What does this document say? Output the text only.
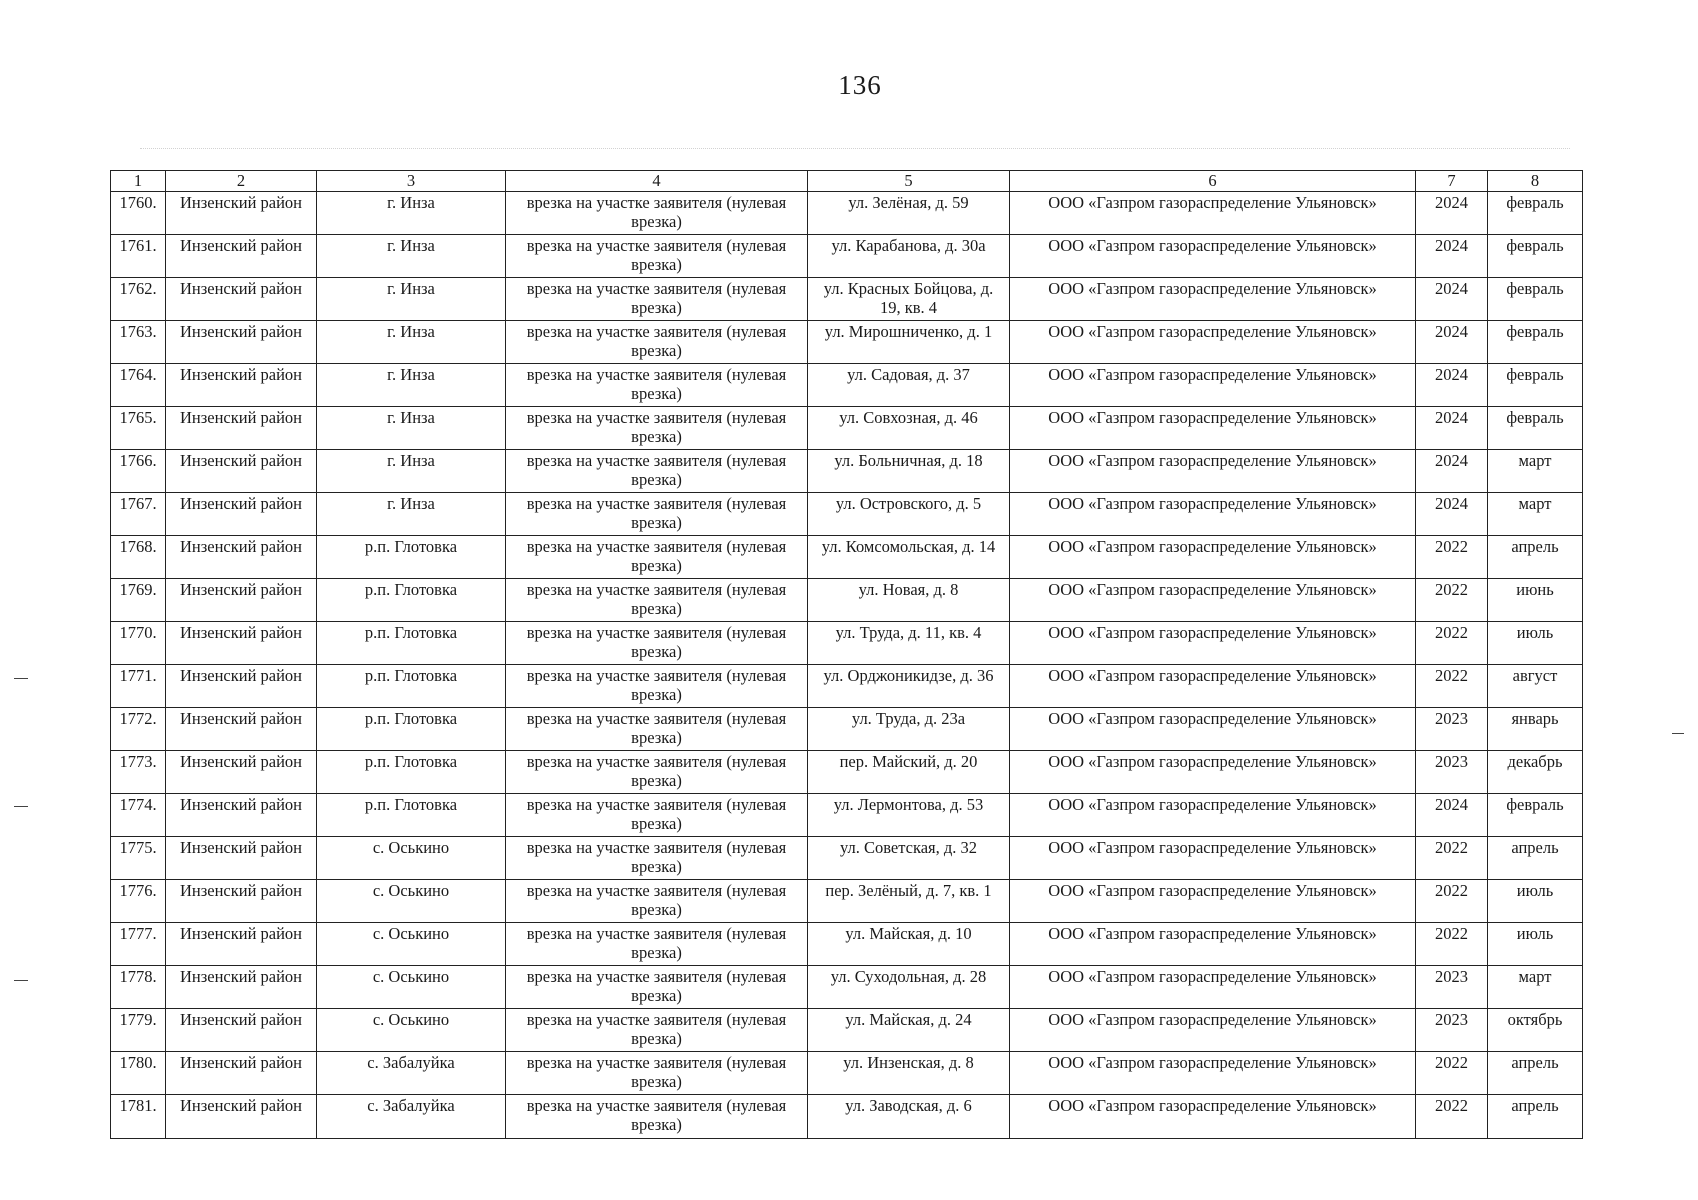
136
1	2	3	4	5	6	7	8
1760.	Инзенский район	г. Инза	врезка на участке заявителя (нулевая врезка)	ул. Зелёная, д. 59	ООО «Газпром газораспределение Ульяновск»	2024	февраль
1761.	Инзенский район	г. Инза	врезка на участке заявителя (нулевая врезка)	ул. Карабанова, д. 30а	ООО «Газпром газораспределение Ульяновск»	2024	февраль
1762.	Инзенский район	г. Инза	врезка на участке заявителя (нулевая врезка)	ул. Красных Бойцова, д. 19, кв. 4	ООО «Газпром газораспределение Ульяновск»	2024	февраль
1763.	Инзенский район	г. Инза	врезка на участке заявителя (нулевая врезка)	ул. Мирошниченко, д. 1	ООО «Газпром газораспределение Ульяновск»	2024	февраль
1764.	Инзенский район	г. Инза	врезка на участке заявителя (нулевая врезка)	ул. Садовая, д. 37	ООО «Газпром газораспределение Ульяновск»	2024	февраль
1765.	Инзенский район	г. Инза	врезка на участке заявителя (нулевая врезка)	ул. Совхозная, д. 46	ООО «Газпром газораспределение Ульяновск»	2024	февраль
1766.	Инзенский район	г. Инза	врезка на участке заявителя (нулевая врезка)	ул. Больничная, д. 18	ООО «Газпром газораспределение Ульяновск»	2024	март
1767.	Инзенский район	г. Инза	врезка на участке заявителя (нулевая врезка)	ул. Островского, д. 5	ООО «Газпром газораспределение Ульяновск»	2024	март
1768.	Инзенский район	р.п. Глотовка	врезка на участке заявителя (нулевая врезка)	ул. Комсомольская, д. 14	ООО «Газпром газораспределение Ульяновск»	2022	апрель
1769.	Инзенский район	р.п. Глотовка	врезка на участке заявителя (нулевая врезка)	ул. Новая, д. 8	ООО «Газпром газораспределение Ульяновск»	2022	июнь
1770.	Инзенский район	р.п. Глотовка	врезка на участке заявителя (нулевая врезка)	ул. Труда, д. 11, кв. 4	ООО «Газпром газораспределение Ульяновск»	2022	июль
1771.	Инзенский район	р.п. Глотовка	врезка на участке заявителя (нулевая врезка)	ул. Орджоникидзе, д. 36	ООО «Газпром газораспределение Ульяновск»	2022	август
1772.	Инзенский район	р.п. Глотовка	врезка на участке заявителя (нулевая врезка)	ул. Труда, д. 23а	ООО «Газпром газораспределение Ульяновск»	2023	январь
1773.	Инзенский район	р.п. Глотовка	врезка на участке заявителя (нулевая врезка)	пер. Майский, д. 20	ООО «Газпром газораспределение Ульяновск»	2023	декабрь
1774.	Инзенский район	р.п. Глотовка	врезка на участке заявителя (нулевая врезка)	ул. Лермонтова, д. 53	ООО «Газпром газораспределение Ульяновск»	2024	февраль
1775.	Инзенский район	с. Оськино	врезка на участке заявителя (нулевая врезка)	ул. Советская, д. 32	ООО «Газпром газораспределение Ульяновск»	2022	апрель
1776.	Инзенский район	с. Оськино	врезка на участке заявителя (нулевая врезка)	пер. Зелёный, д. 7, кв. 1	ООО «Газпром газораспределение Ульяновск»	2022	июль
1777.	Инзенский район	с. Оськино	врезка на участке заявителя (нулевая врезка)	ул. Майская, д. 10	ООО «Газпром газораспределение Ульяновск»	2022	июль
1778.	Инзенский район	с. Оськино	врезка на участке заявителя (нулевая врезка)	ул. Суходольная, д. 28	ООО «Газпром газораспределение Ульяновск»	2023	март
1779.	Инзенский район	с. Оськино	врезка на участке заявителя (нулевая врезка)	ул. Майская, д. 24	ООО «Газпром газораспределение Ульяновск»	2023	октябрь
1780.	Инзенский район	с. Забалуйка	врезка на участке заявителя (нулевая врезка)	ул. Инзенская, д. 8	ООО «Газпром газораспределение Ульяновск»	2022	апрель
1781.	Инзенский район	с. Забалуйка	врезка на участке заявителя (нулевая врезка)	ул. Заводская, д. 6	ООО «Газпром газораспределение Ульяновск»	2022	апрель
